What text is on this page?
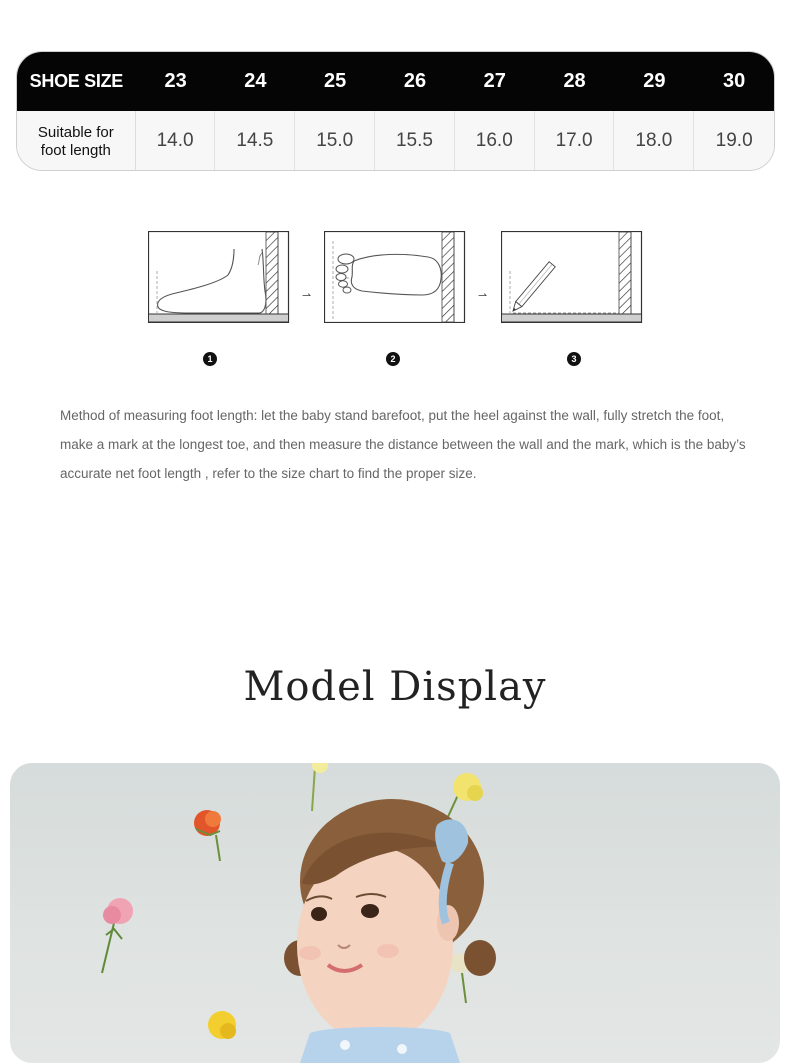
SHOE SIZE	23	24	25	26	27	28	29	30
Suitable for
foot length	14.0	14.5	15.0	15.5	16.0	17.0	18.0	19.0
⇀	⇀
1	2	3
Method of measuring foot length: let the baby stand barefoot, put the heel against the wall, fully stretch the foot, make a mark at the longest toe, and then measure the distance between the wall and the mark, which is the baby’s accurate net foot length , refer to the size chart to find the proper size.
Model Display
